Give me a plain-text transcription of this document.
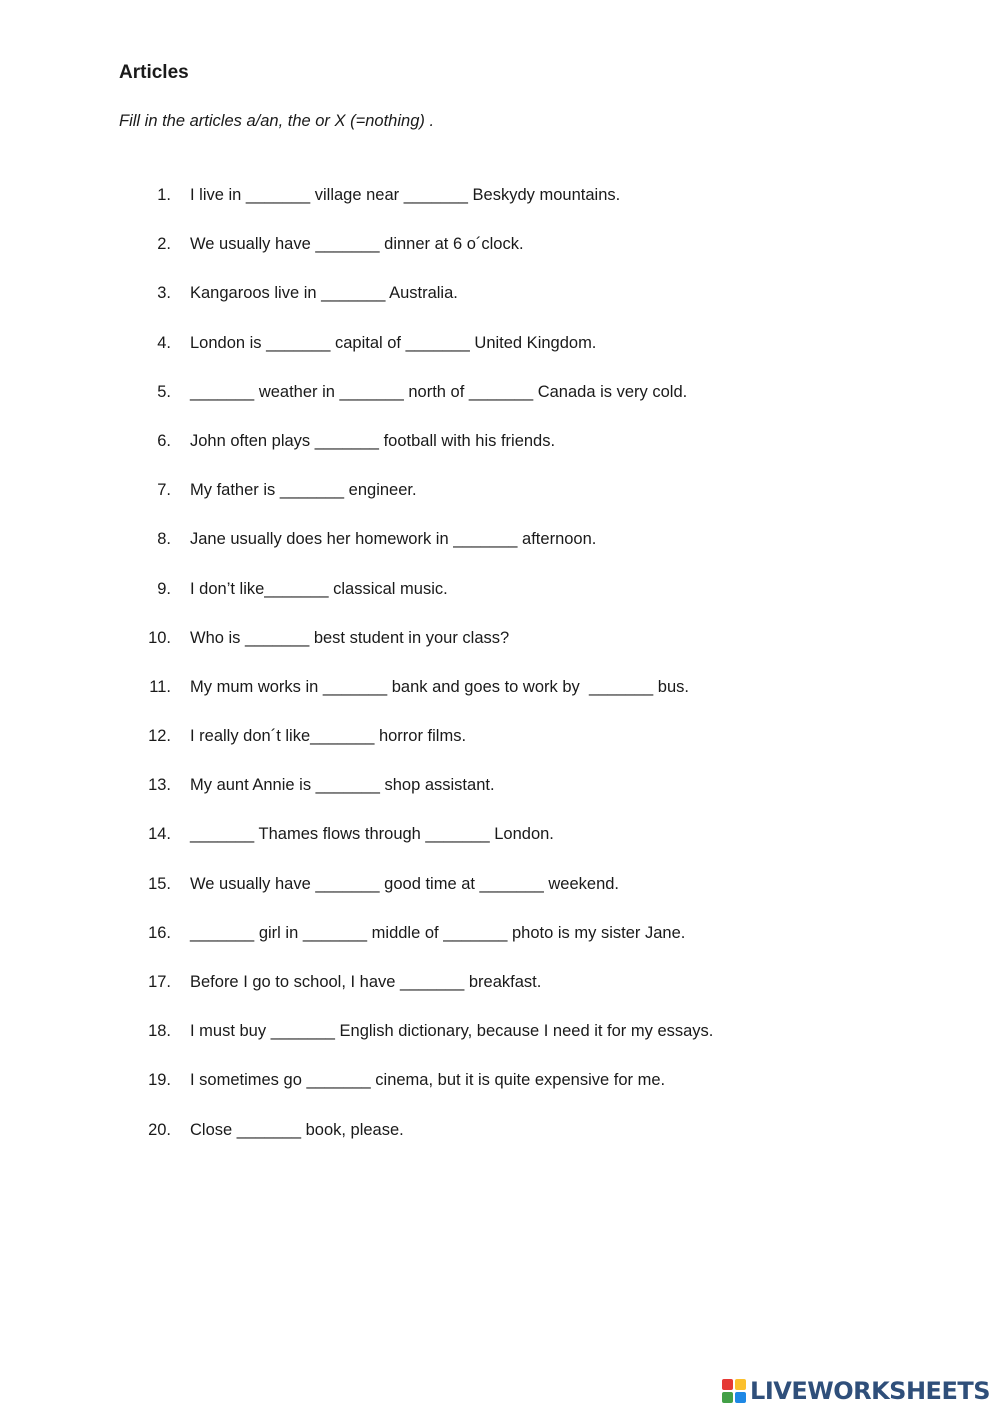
Articles

Fill in the articles a/an, the or X (=nothing) .

1.	I live in _______ village near _______ Beskydy mountains.
2.	We usually have _______ dinner at 6 o´clock.
3.	Kangaroos live in _______ Australia.
4.	London is _______ capital of _______ United Kingdom.
5.	_______ weather in _______ north of _______ Canada is very cold.
6.	John often plays _______ football with his friends.
7.	My father is _______ engineer.
8.	Jane usually does her homework in _______ afternoon.
9.	I don’t like_______ classical music.
10.	Who is _______ best student in your class?
11.	My mum works in _______ bank and goes to work by  _______ bus.
12.	I really don´t like_______ horror films.
13.	My aunt Annie is _______ shop assistant.
14.	_______ Thames flows through _______ London.
15.	We usually have _______ good time at _______ weekend.
16.	_______ girl in _______ middle of _______ photo is my sister Jane.
17.	Before I go to school, I have _______ breakfast.
18.	I must buy _______ English dictionary, because I need it for my essays.
19.	I sometimes go _______ cinema, but it is quite expensive for me.
20.	Close _______ book, please.
LIVEWORKSHEETS
